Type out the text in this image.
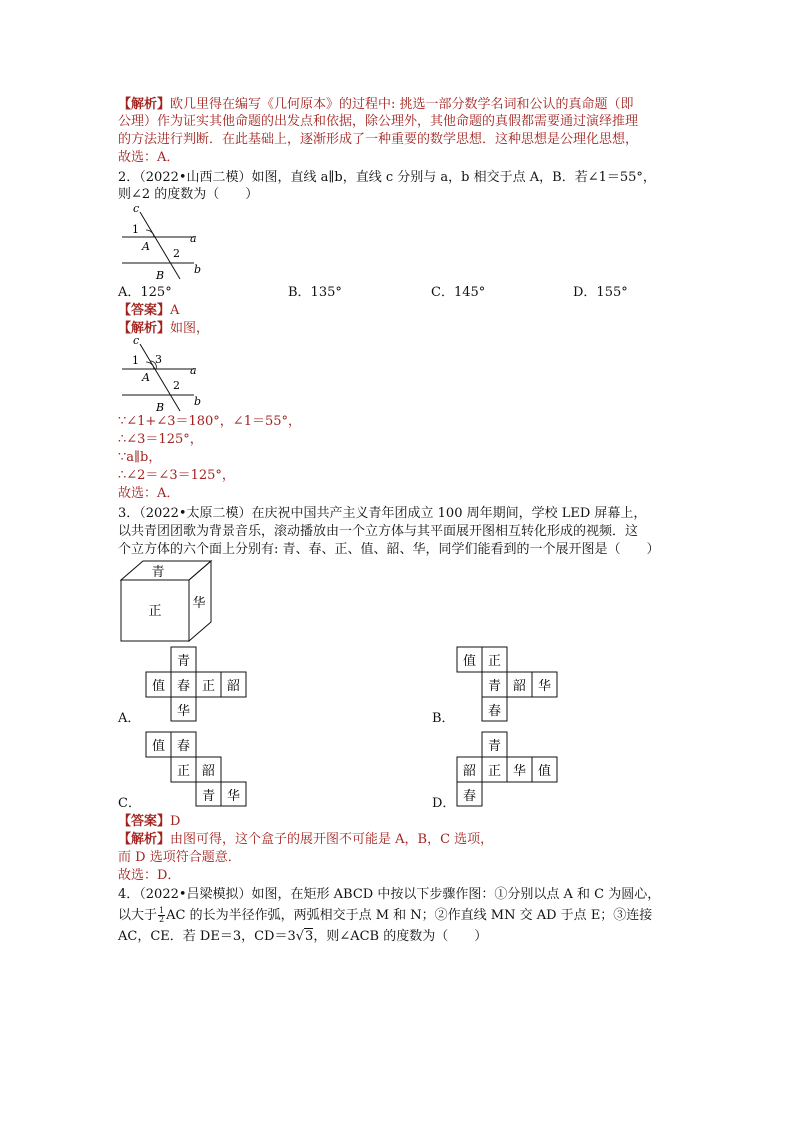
【解析】欧几里得在编写《几何原本》的过程中: 挑选一部分数学名词和公认的真命题（即
公理）作为证实其他命题的出发点和依据，除公理外，其他命题的真假都需要通过演绎推理
的方法进行判断．在此基础上，逐渐形成了一种重要的数学思想．这种思想是公理化思想，
故选：A．
2．（2022•山西二模）如图，直线 a∥b，直线 c 分别与 a，b 相交于点 A，B．若∠1＝55°，
则∠2 的度数为（　　）
c
1
A
2
a
B	b
A．125°	B．135°	C．145°	D．155°
【答案】A
【解析】如图，
c
1 3
A
2
a
B	b
∵∠1+∠3＝180°，∠1＝55°，
∴∠3＝125°，
∵a∥b，
∴∠2＝∠3＝125°，
故选：A．
3．（2022•太原二模）在庆祝中国共产主义青年团成立 100 周年期间，学校 LED 屏幕上，
以共青团团歌为背景音乐，滚动播放由一个立方体与其平面展开图相互转化形成的视频．这
个立方体的六个面上分别有: 青、春、正、值、韶、华，同学们能看到的一个展开图是（　　）
青
正
华
青
值 春 正 韶
华
A．
值 正
青 韶 华
春
B．
值 春
正 韶
青 华
C．
青
韶 正 华 值
春
D．
【答案】D
【解析】由图可得，这个盒子的展开图不可能是 A，B，C 选项，
而 D 选项符合题意．
故选：D．
4．（2022•吕梁模拟）如图，在矩形 ABCD 中按以下步骤作图：①分别以点 A 和 C 为圆心，
以大于 $\frac{1}{2}$ AC 的长为半径作弧，两弧相交于点 M 和 N；②作直线 MN 交 AD 于点 E；③连接
AC，CE．若 DE＝3，CD＝3√3，则∠ACB 的度数为（　　）
